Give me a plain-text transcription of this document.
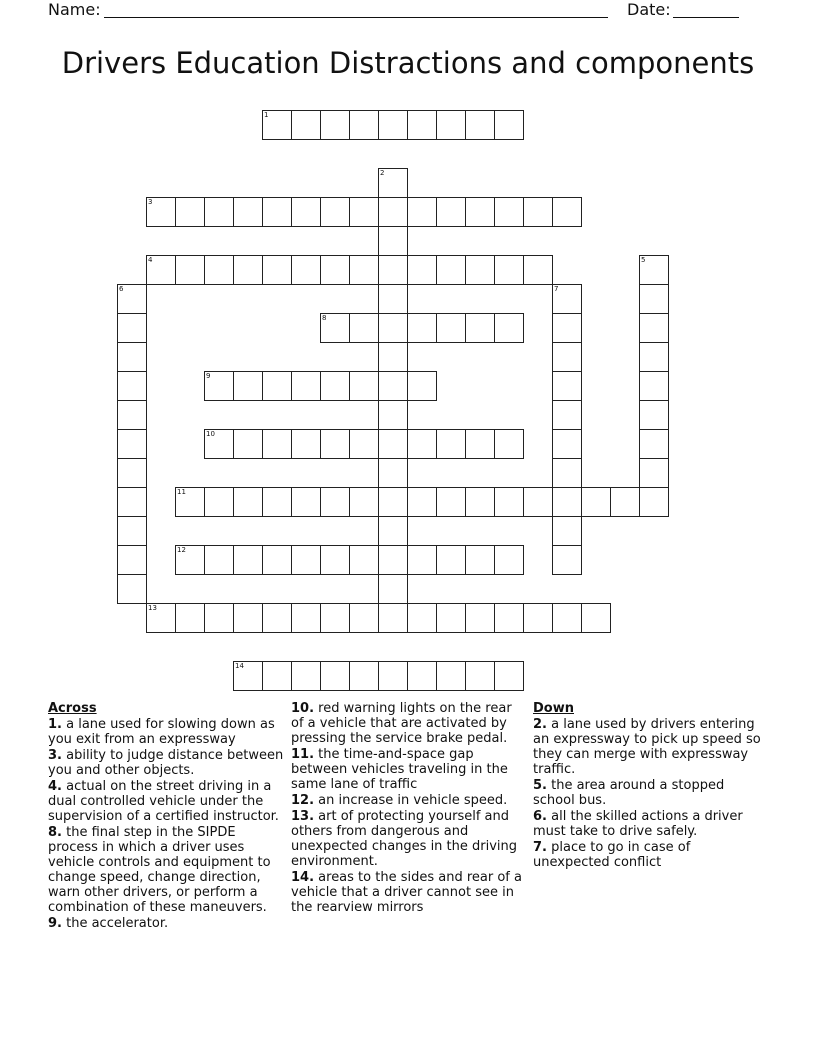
Name:	Date:
Drivers Education Distractions and components
1
2
3
4	5
6	7
8
9
10
11
12
13
14
Across
1. a lane used for slowing down as you exit from an expressway
3. ability to judge distance between you and other objects.
4. actual on the street driving in a dual controlled vehicle under the supervision of a certified instructor.
8. the final step in the SIPDE process in which a driver uses vehicle controls and equipment to change speed, change direction, warn other drivers, or perform a combination of these maneuvers.
9. the accelerator.
10. red warning lights on the rear of a vehicle that are activated by pressing the service brake pedal.
11. the time-and-space gap between vehicles traveling in the same lane of traffic
12. an increase in vehicle speed.
13. art of protecting yourself and others from dangerous and unexpected changes in the driving environment.
14. areas to the sides and rear of a vehicle that a driver cannot see in the rearview mirrors
Down
2. a lane used by drivers entering an expressway to pick up speed so they can merge with expressway traffic.
5. the area around a stopped school bus.
6. all the skilled actions a driver must take to drive safely.
7. place to go in case of unexpected conflict
